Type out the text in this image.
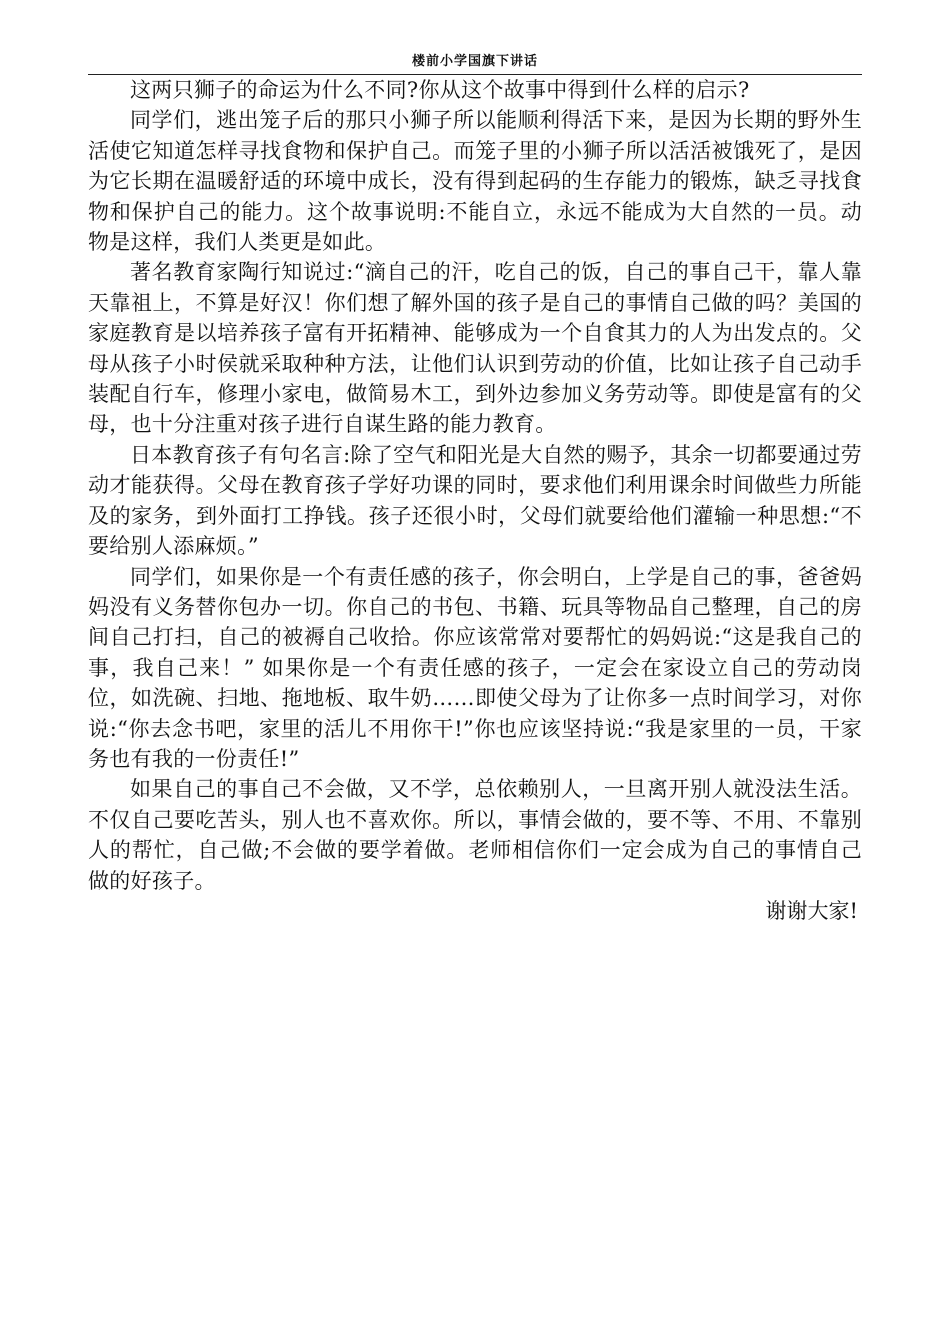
楼前小学国旗下讲话

这两只狮子的命运为什么不同?你从这个故事中得到什么样的启示?

同学们，逃出笼子后的那只小狮子所以能顺利得活下来，是因为长期的野外生活使它知道怎样寻找食物和保护自己。而笼子里的小狮子所以活活被饿死了，是因为它长期在温暖舒适的环境中成长，没有得到起码的生存能力的锻炼，缺乏寻找食物和保护自己的能力。这个故事说明:不能自立，永远不能成为大自然的一员。动物是这样，我们人类更是如此。

著名教育家陶行知说过:“滴自己的汗，吃自己的饭，自己的事自己干，靠人靠天靠祖上，不算是好汉！你们想了解外国的孩子是自己的事情自己做的吗？美国的家庭教育是以培养孩子富有开拓精神、能够成为一个自食其力的人为出发点的。父母从孩子小时侯就采取种种方法，让他们认识到劳动的价值，比如让孩子自己动手装配自行车，修理小家电，做简易木工，到外边参加义务劳动等。即使是富有的父母，也十分注重对孩子进行自谋生路的能力教育。

日本教育孩子有句名言:除了空气和阳光是大自然的赐予，其余一切都要通过劳动才能获得。父母在教育孩子学好功课的同时，要求他们利用课余时间做些力所能及的家务，到外面打工挣钱。孩子还很小时，父母们就要给他们灌输一种思想:“不要给别人添麻烦。”

同学们，如果你是一个有责任感的孩子，你会明白，上学是自己的事，爸爸妈妈没有义务替你包办一切。你自己的书包、书籍、玩具等物品自己整理，自己的房间自己打扫，自己的被褥自己收拾。你应该常常对要帮忙的妈妈说:“这是我自己的事，我自己来！” 如果你是一个有责任感的孩子，一定会在家设立自己的劳动岗位，如洗碗、扫地、拖地板、取牛奶……即使父母为了让你多一点时间学习，对你说:“你去念书吧，家里的活儿不用你干!”你也应该坚持说:“我是家里的一员，干家务也有我的一份责任!”

如果自己的事自己不会做，又不学，总依赖别人，一旦离开别人就没法生活。不仅自己要吃苦头，别人也不喜欢你。所以，事情会做的，要不等、不用、不靠别人的帮忙，自己做;不会做的要学着做。老师相信你们一定会成为自己的事情自己做的好孩子。

谢谢大家!
